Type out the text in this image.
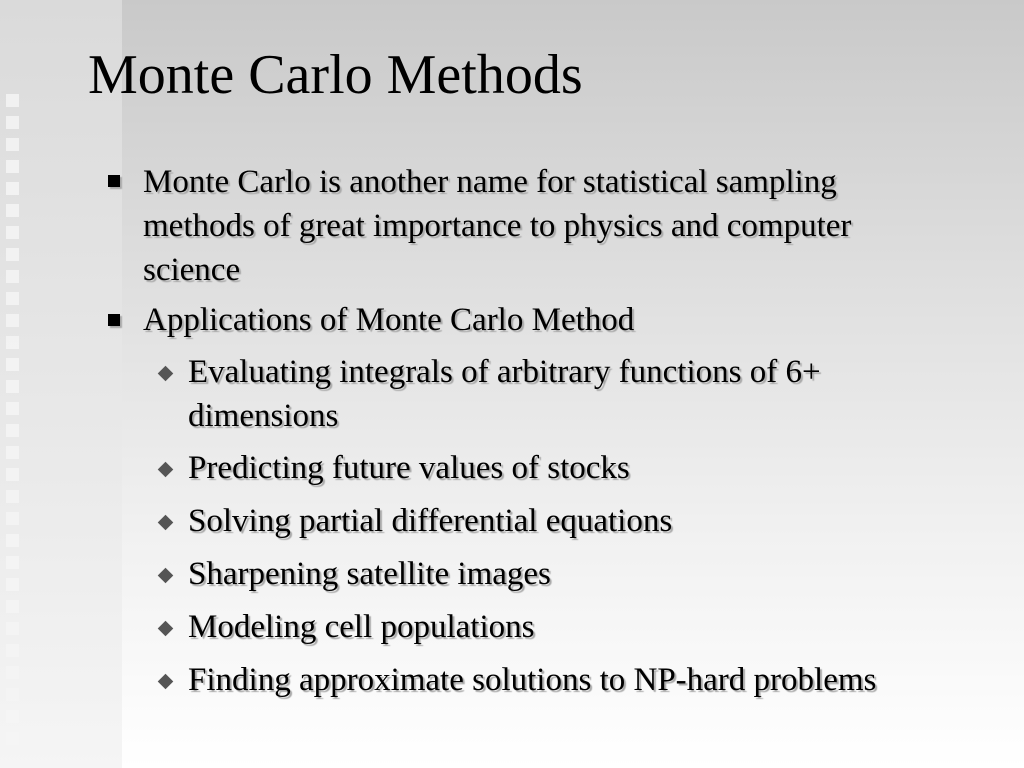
Monte Carlo Methods
Monte Carlo is another name for statistical sampling methods of great importance to physics and computer science
Applications of Monte Carlo Method
Evaluating integrals of arbitrary functions of 6+ dimensions
Predicting future values of stocks
Solving partial differential equations
Sharpening satellite images
Modeling cell populations
Finding approximate solutions to NP-hard problems
